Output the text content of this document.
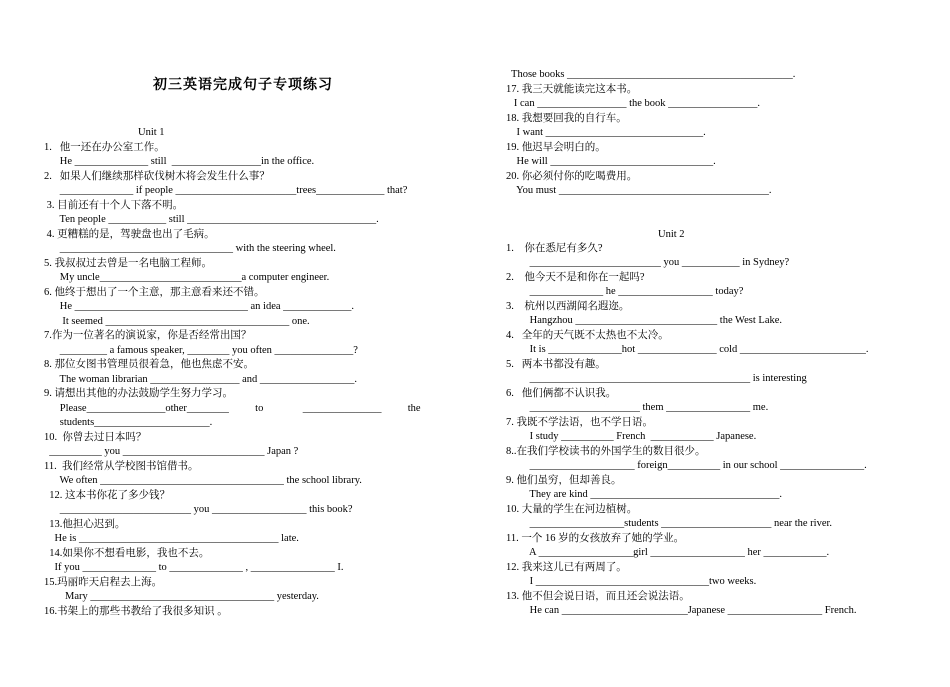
初三英语完成句子专项练习
Unit 1
1.   他一还在办公室工作。
He ______________ still  _________________in the office.
2.   如果人们继续那样砍伐树木将会发生什么事？
______________ if people _______________________trees_____________ that?
3. 目前还有十个人下落不明。
Ten people ___________ still ____________________________________.
4. 更糟糕的是，驾驶盘也出了毛病。
_________________________________ with the steering wheel.
5. 我叔叔过去曾是一名电脑工程师。
My uncle___________________________a computer engineer.
6. 他终于想出了一个主意，那主意看来还不错。
He _________________________________ an idea _____________.
It seemed ___________________________________ one.
7.作为一位著名的演说家，你是否经常出国？
_________ a famous speaker, ________ you often _______________?
8. 那位女图书管理员很着急，他也焦虑不安。
The woman librarian _________________ and __________________.
9. 请想出其他的办法鼓励学生努力学习。
Please_______________other________          to               _______________          the
students______________________.
10.  你曾去过日本吗？
__________ you ___________________________ Japan ?
11.  我们经常从学校图书馆借书。
We often ___________________________________ the school library.
12. 这本书你花了多少钱？
_________________________ you __________________ this book?
13.他担心迟到。
He is ______________________________________ late.
14.如果你不想看电影，我也不去。
If you ______________ to ______________ , ________________ I.
15.玛丽昨天启程去上海。
Mary ___________________________________ yesterday.
16.书架上的那些书教给了我很多知识 。
Those books ___________________________________________.
17. 我三天就能读完这本书。
I can _________________ the book _________________.
18. 我想要回我的自行车。
I want ______________________________.
19. 他迟早会明白的。
He will _______________________________.
20. 你必须付你的吃喝费用。
You must ________________________________________.
Unit 2
1.    你在悉尼有多久?
_________________________ you ___________ in Sydney?
2.    他今天不是和你在一起吗?
______________ he __________________ today?
3.    杭州以西湖闻名遐迩。
Hangzhou ___________________________ the West Lake.
4.   全年的天气既不太热也不太冷。
It is ______________hot _______________ cold ________________________.
5.   两本书都没有趣。
__________________________________________ is interesting
6.   他们俩都不认识我。
_____________________ them ________________ me.
7. 我既不学法语，也不学日语。
I study __________ French  ____________ Japanese.
8..在我们学校读书的外国学生的数目很少。
____________________ foreign__________ in our school ________________.
9. 他们虽穷，但却善良。
They are kind ____________________________________.
10. 大量的学生在河边植树。
__________________students _____________________ near the river.
11. 一个 16 岁的女孩放弃了她的学业。
A __________________girl __________________ her ____________.
12. 我来这儿已有两周了。
I _________________________________two weeks.
13. 他不但会说日语，而且还会说法语。
He can ________________________Japanese __________________ French.
